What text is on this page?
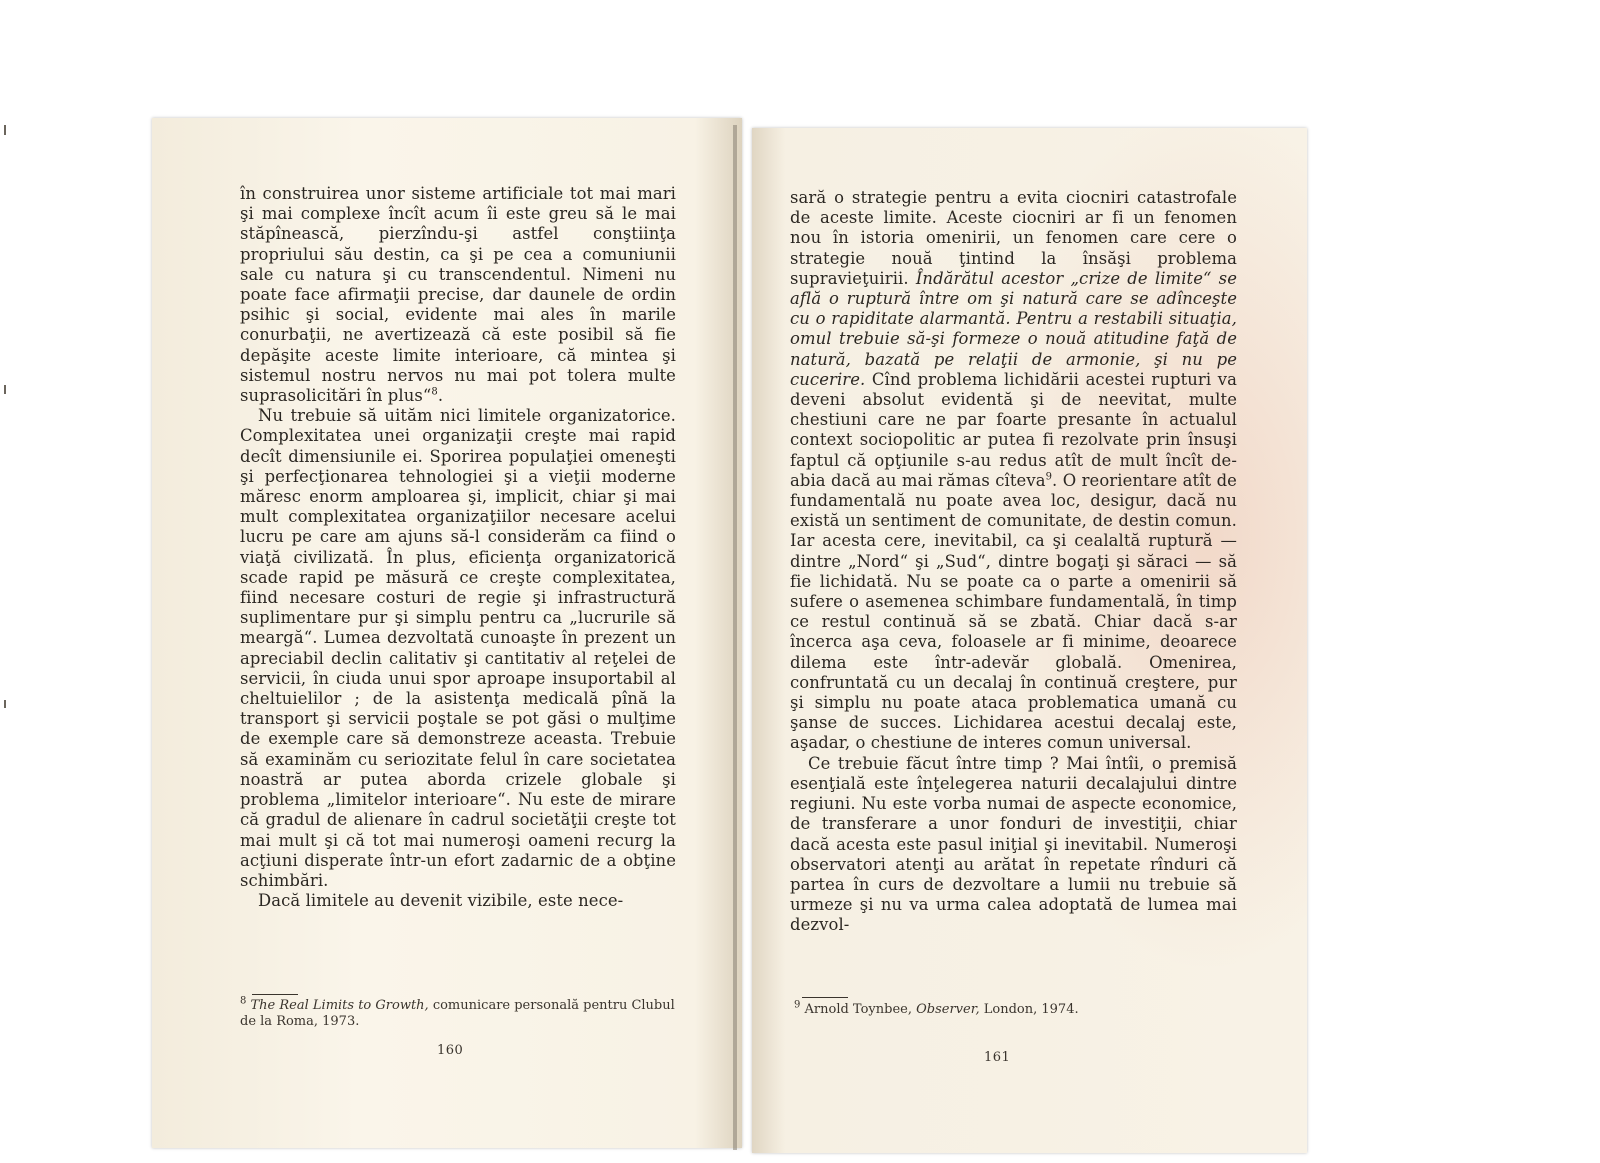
în construirea unor sisteme artificiale tot mai mari şi mai complexe încît acum îi este greu să le mai stăpînească, pierzîndu-şi astfel conştiinţa propriului său destin, ca şi pe cea a comuniunii sale cu natura şi cu transcendentul. Nimeni nu poate face afirmaţii precise, dar daunele de ordin psihic şi social, evidente mai ales în marile conurbaţii, ne avertizează că este posibil să fie depăşite aceste limite interioare, că mintea şi sistemul nostru nervos nu mai pot tolera multe suprasolicitări în plus“$^8$.

Nu trebuie să uităm nici limitele organizatorice. Complexitatea unei organizaţii creşte mai rapid decît dimensiunile ei. Sporirea populaţiei omeneşti şi perfecţionarea tehnologiei şi a vieţii moderne măresc enorm amploarea şi, implicit, chiar şi mai mult complexitatea organizaţiilor necesare acelui lucru pe care am ajuns să-l considerăm ca fiind o viaţă civilizată. În plus, eficienţa organizatorică scade rapid pe măsură ce creşte complexitatea, fiind necesare costuri de regie şi infrastructură suplimentare pur şi simplu pentru ca „lucrurile să meargă“. Lumea dezvoltată cunoaşte în prezent un apreciabil declin calitativ şi cantitativ al reţelei de servicii, în ciuda unui spor aproape insuportabil al cheltuielilor ; de la asistenţa medicală pînă la transport şi servicii poştale se pot găsi o mulţime de exemple care să demonstreze aceasta. Trebuie să examinăm cu seriozitate felul în care societatea noastră ar putea aborda crizele globale şi problema „limitelor interioare“. Nu este de mirare că gradul de alienare în cadrul societăţii creşte tot mai mult şi că tot mai numeroşi oameni recurg la acţiuni disperate într-un efort zadarnic de a obţine schimbări.

Dacă limitele au devenit vizibile, este nece-

$^8$ The Real Limits to Growth, comunicare personală pentru Clubul de la Roma, 1973.
160

sară o strategie pentru a evita ciocniri catastrofale de aceste limite. Aceste ciocniri ar fi un fenomen nou în istoria omenirii, un fenomen care cere o strategie nouă ţintind la însăşi problema supravieţuirii. Îndărătul acestor „crize de limite“ se află o ruptură între om şi natură care se adînceşte cu o rapiditate alarmantă. Pentru a restabili situaţia, omul trebuie să-şi formeze o nouă atitudine faţă de natură, bazată pe relaţii de armonie, şi nu pe cucerire. Cînd problema lichidării acestei rupturi va deveni absolut evidentă şi de neevitat, multe chestiuni care ne par foarte presante în actualul context sociopolitic ar putea fi rezolvate prin însuşi faptul că opţiunile s-au redus atît de mult încît de-abia dacă au mai rămas cîteva$^9$. O reorientare atît de fundamentală nu poate avea loc, desigur, dacă nu există un sentiment de comunitate, de destin comun. Iar acesta cere, inevitabil, ca şi cealaltă ruptură — dintre „Nord“ şi „Sud“, dintre bogaţi şi săraci — să fie lichidată. Nu se poate ca o parte a omenirii să sufere o asemenea schimbare fundamentală, în timp ce restul continuă să se zbată. Chiar dacă s-ar încerca aşa ceva, foloasele ar fi minime, deoarece dilema este într-adevăr globală. Omenirea, confruntată cu un decalaj în continuă creştere, pur şi simplu nu poate ataca problematica umană cu şanse de succes. Lichidarea acestui decalaj este, aşadar, o chestiune de interes comun universal.

Ce trebuie făcut între timp ? Mai întîi, o premisă esenţială este înţelegerea naturii decalajului dintre regiuni. Nu este vorba numai de aspecte economice, de transferare a unor fonduri de investiţii, chiar dacă acesta este pasul iniţial şi inevitabil. Numeroşi observatori atenţi au arătat în repetate rînduri că partea în curs de dezvoltare a lumii nu trebuie să urmeze şi nu va urma calea adoptată de lumea mai dezvol-

$^9$ Arnold Toynbee, Observer, London, 1974.
161
